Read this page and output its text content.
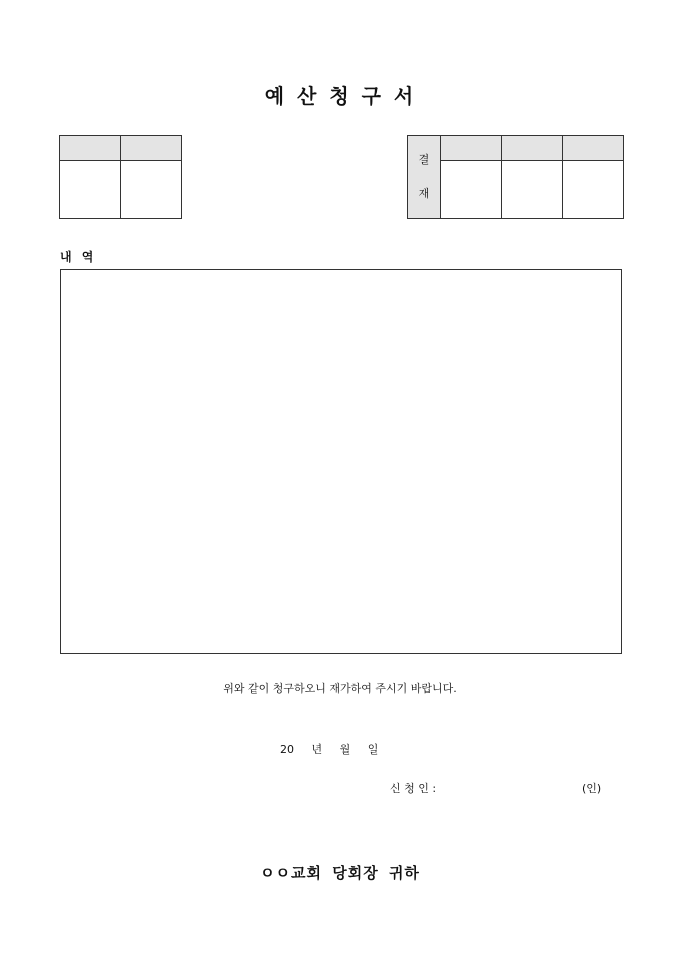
예 산 청 구 서

결
재			

내 역
위와 같이 청구하오니 재가하여 주시기 바랍니다.
20 년 월 일
신 청 인 :	(인)
ㅇㅇ교회 당회장 귀하
